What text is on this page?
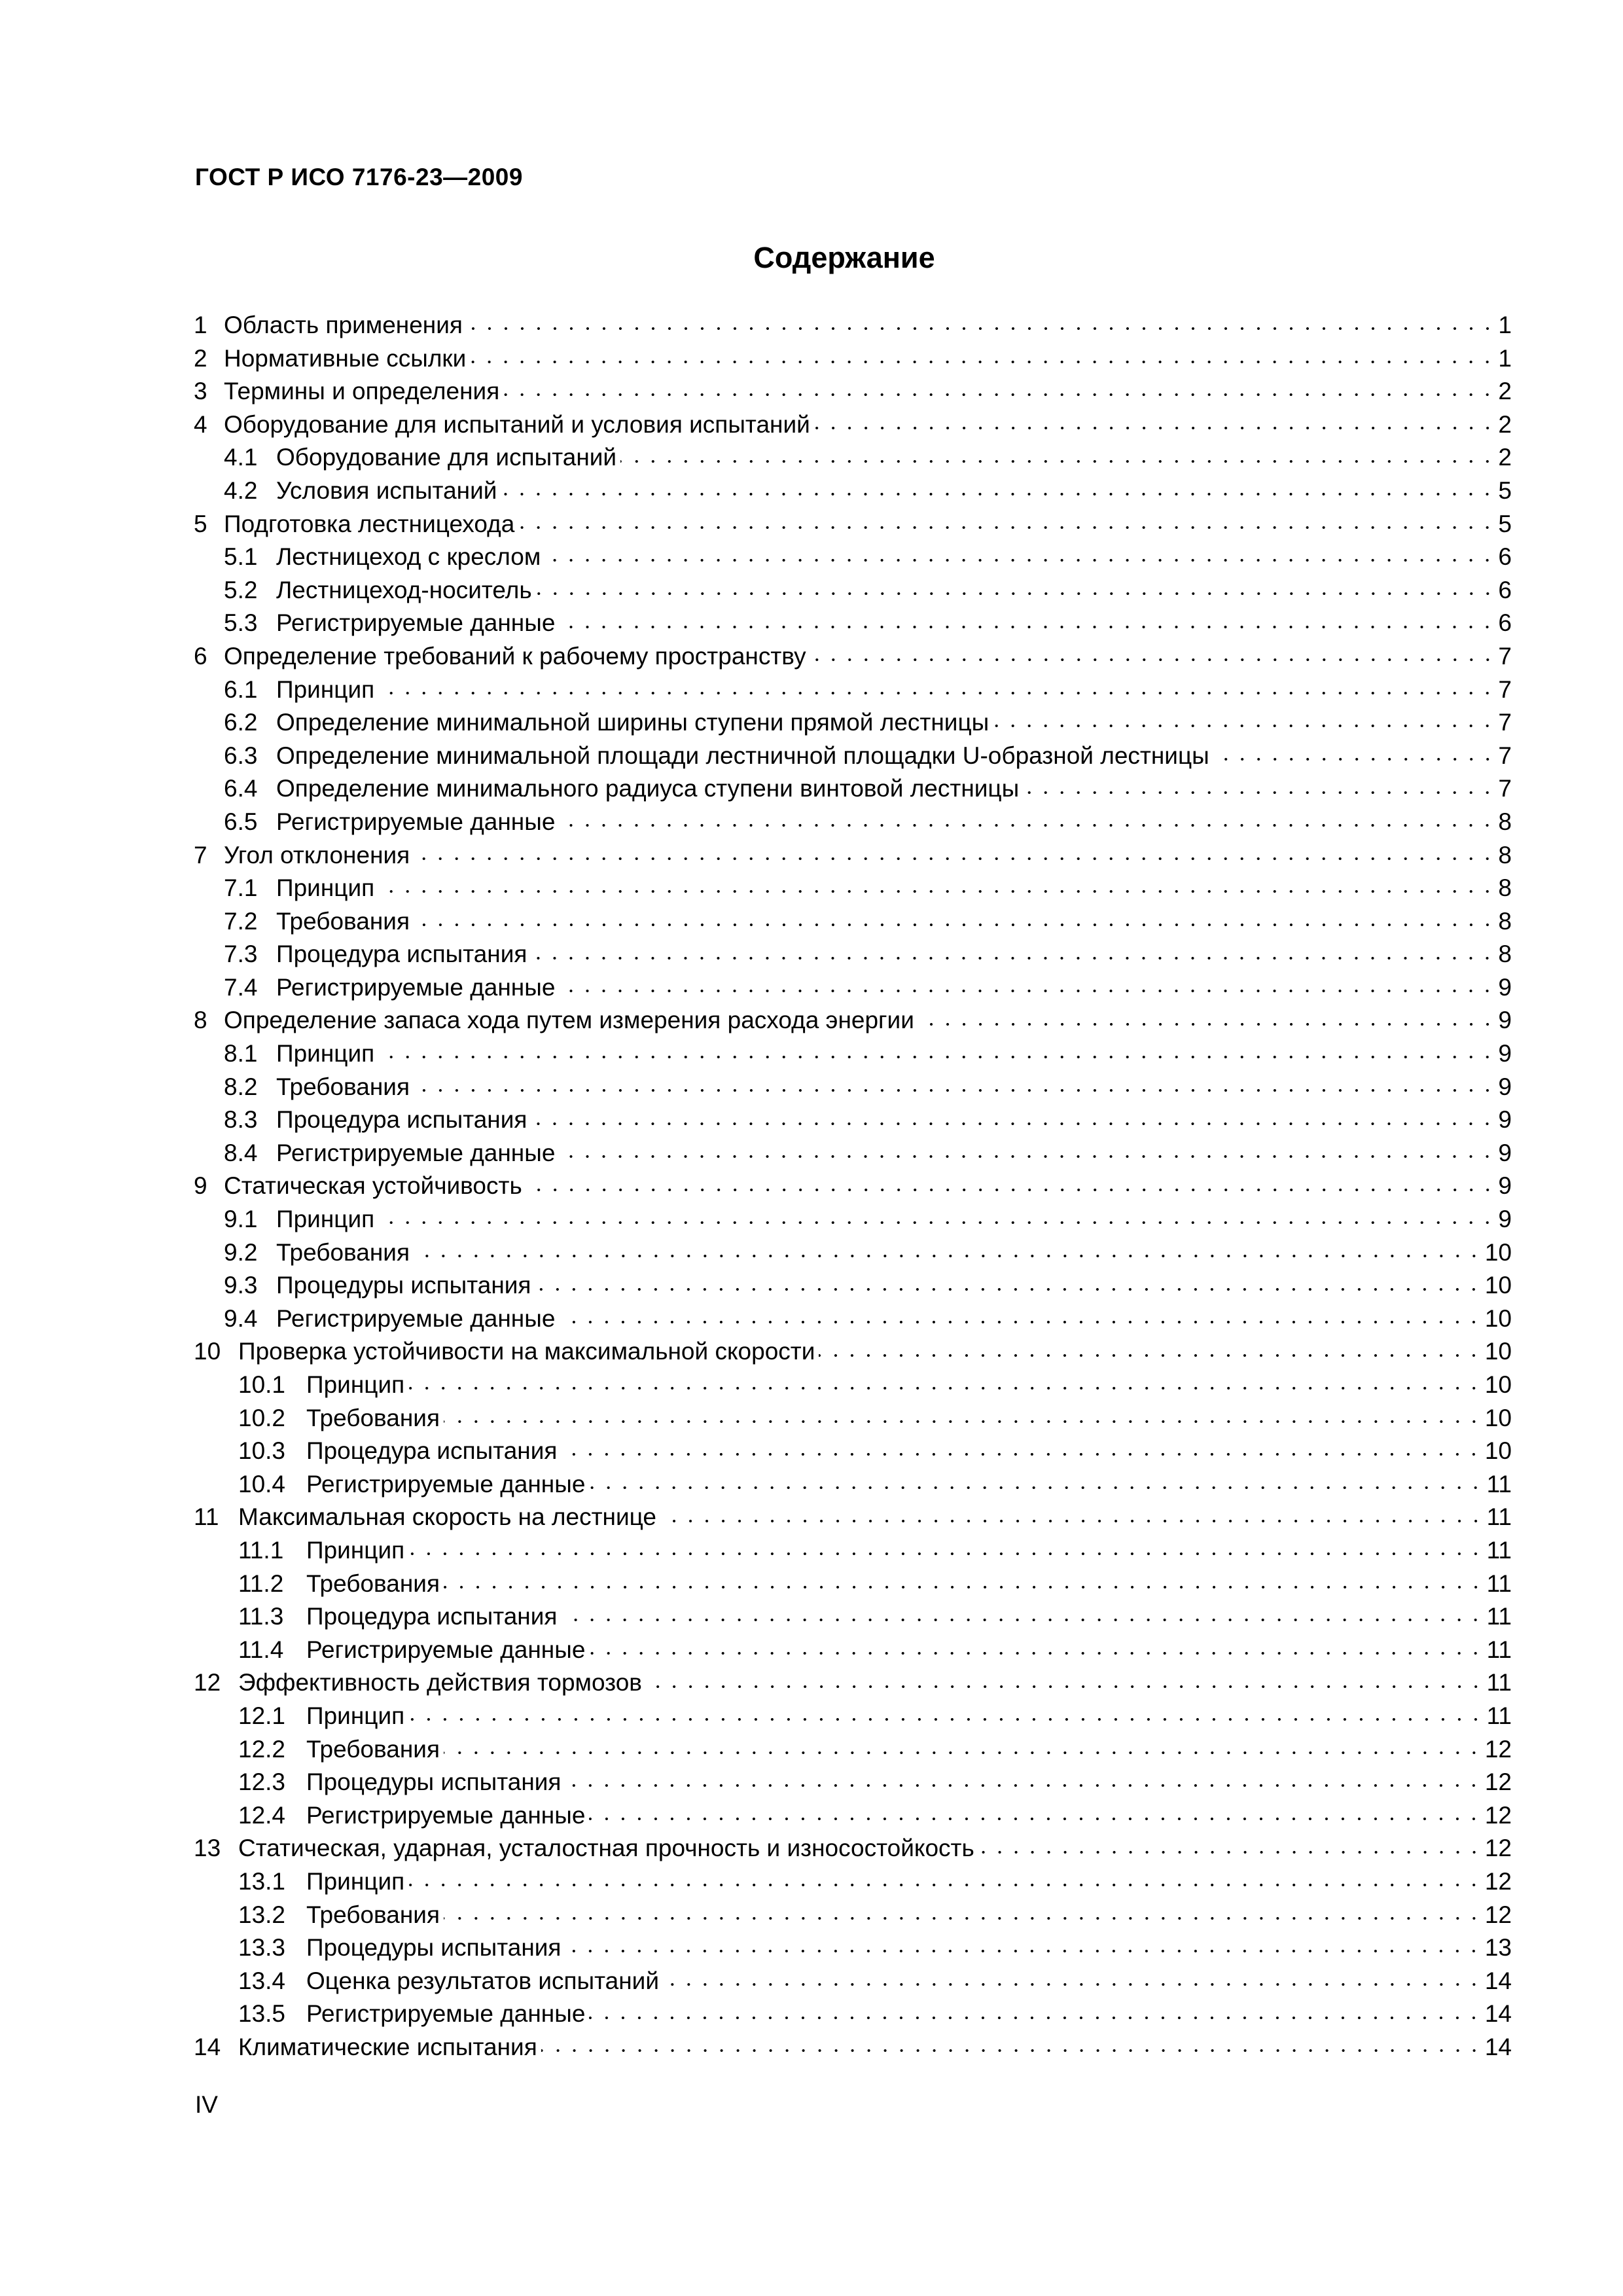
ГОСТ Р ИСО 7176-23—2009
Содержание
1 Область применения	1
2 Нормативные ссылки	1
3 Термины и определения	2
4 Оборудование для испытаний и условия испытаний	2
4.1 Оборудование для испытаний	2
4.2 Условия испытаний	5
5 Подготовка лестницехода	5
5.1 Лестницеход с креслом	6
5.2 Лестницеход-носитель	6
5.3 Регистрируемые данные	6
6 Определение требований к рабочему пространству	7
6.1 Принцип	7
6.2 Определение минимальной ширины ступени прямой лестницы	7
6.3 Определение минимальной площади лестничной площадки U-образной лестницы	7
6.4 Определение минимального радиуса ступени винтовой лестницы	7
6.5 Регистрируемые данные	8
7 Угол отклонения	8
7.1 Принцип	8
7.2 Требования	8
7.3 Процедура испытания	8
7.4 Регистрируемые данные	9
8 Определение запаса хода путем измерения расхода энергии	9
8.1 Принцип	9
8.2 Требования	9
8.3 Процедура испытания	9
8.4 Регистрируемые данные	9
9 Статическая устойчивость	9
9.1 Принцип	9
9.2 Требования	10
9.3 Процедуры испытания	10
9.4 Регистрируемые данные	10
10 Проверка устойчивости на максимальной скорости	10
10.1 Принцип	10
10.2 Требования	10
10.3 Процедура испытания	10
10.4 Регистрируемые данные	11
11 Максимальная скорость на лестнице	11
11.1 Принцип	11
11.2 Требования	11
11.3 Процедура испытания	11
11.4 Регистрируемые данные	11
12 Эффективность действия тормозов	11
12.1 Принцип	11
12.2 Требования	12
12.3 Процедуры испытания	12
12.4 Регистрируемые данные	12
13 Статическая, ударная, усталостная прочность и износостойкость	12
13.1 Принцип	12
13.2 Требования	12
13.3 Процедуры испытания	13
13.4 Оценка результатов испытаний	14
13.5 Регистрируемые данные	14
14 Климатические испытания	14
IV
